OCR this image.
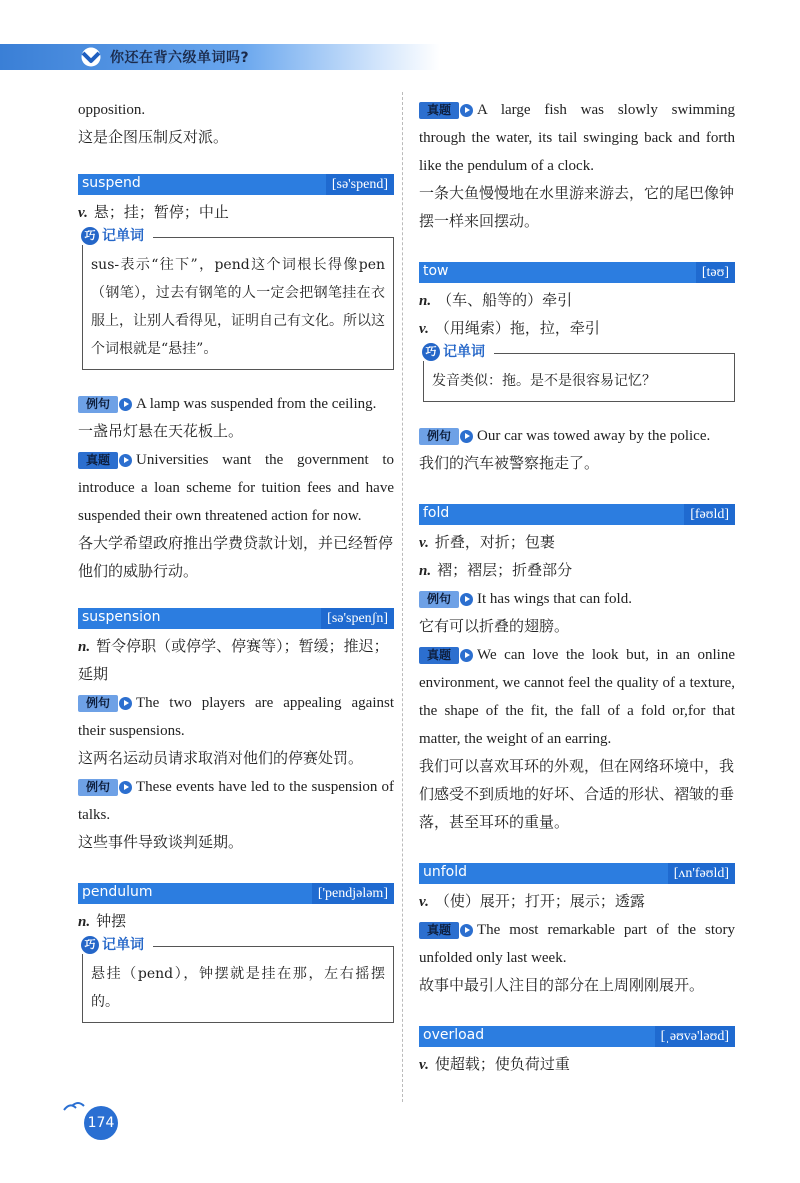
你还在背六级单词吗?

opposition.

这是企图压制反对派。

suspend	[sə'spend]

v. 悬；挂；暂停；中止

巧 记单词
sus-表示“往下”，pend这个词根长得像pen（钢笔），过去有钢笔的人一定会把钢笔挂在衣服上，让别人看得见，证明自己有文化。所以这个词根就是“悬挂”。

例句	A lamp was suspended from the ceiling.

一盏吊灯悬在天花板上。

真题	Universities want the government to introduce a loan scheme for tuition fees and have suspended their own threatened action for now.

各大学希望政府推出学费贷款计划，并已经暂停他们的威胁行动。

suspension	[sə'spenʃn]

n. 暂令停职（或停学、停赛等）；暂缓；推迟；延期

例句	The two players are appealing against their suspensions.

这两名运动员请求取消对他们的停赛处罚。

例句	These events have led to the suspension of talks.

这些事件导致谈判延期。

pendulum	['pendjələm]

n. 钟摆

巧 记单词
悬挂（pend），钟摆就是挂在那，左右摇摆的。

真题	A large fish was slowly swimming through the water, its tail swinging back and forth like the pendulum of a clock.

一条大鱼慢慢地在水里游来游去，它的尾巴像钟摆一样来回摆动。

tow	[təʊ]

n. （车、船等的）牵引

v. （用绳索）拖，拉，牵引

巧 记单词
发音类似：拖。是不是很容易记忆？

例句	Our car was towed away by the police.

我们的汽车被警察拖走了。

fold	[fəʊld]

v. 折叠，对折；包裹

n. 褶；褶层；折叠部分

例句	It has wings that can fold.

它有可以折叠的翅膀。

真题	We can love the look but, in an online environment, we cannot feel the quality of a texture, the shape of the fit, the fall of a fold or,for that matter, the weight of an earring.

我们可以喜欢耳环的外观，但在网络环境中，我们感受不到质地的好坏、合适的形状、褶皱的垂落，甚至耳环的重量。

unfold	[ʌn'fəʊld]

v. （使）展开；打开；展示；透露

真题	The most remarkable part of the story unfolded only last week.

故事中最引人注目的部分在上周刚刚展开。

overload	[ˌəʊvə'ləʊd]

v. 使超载；使负荷过重

174
